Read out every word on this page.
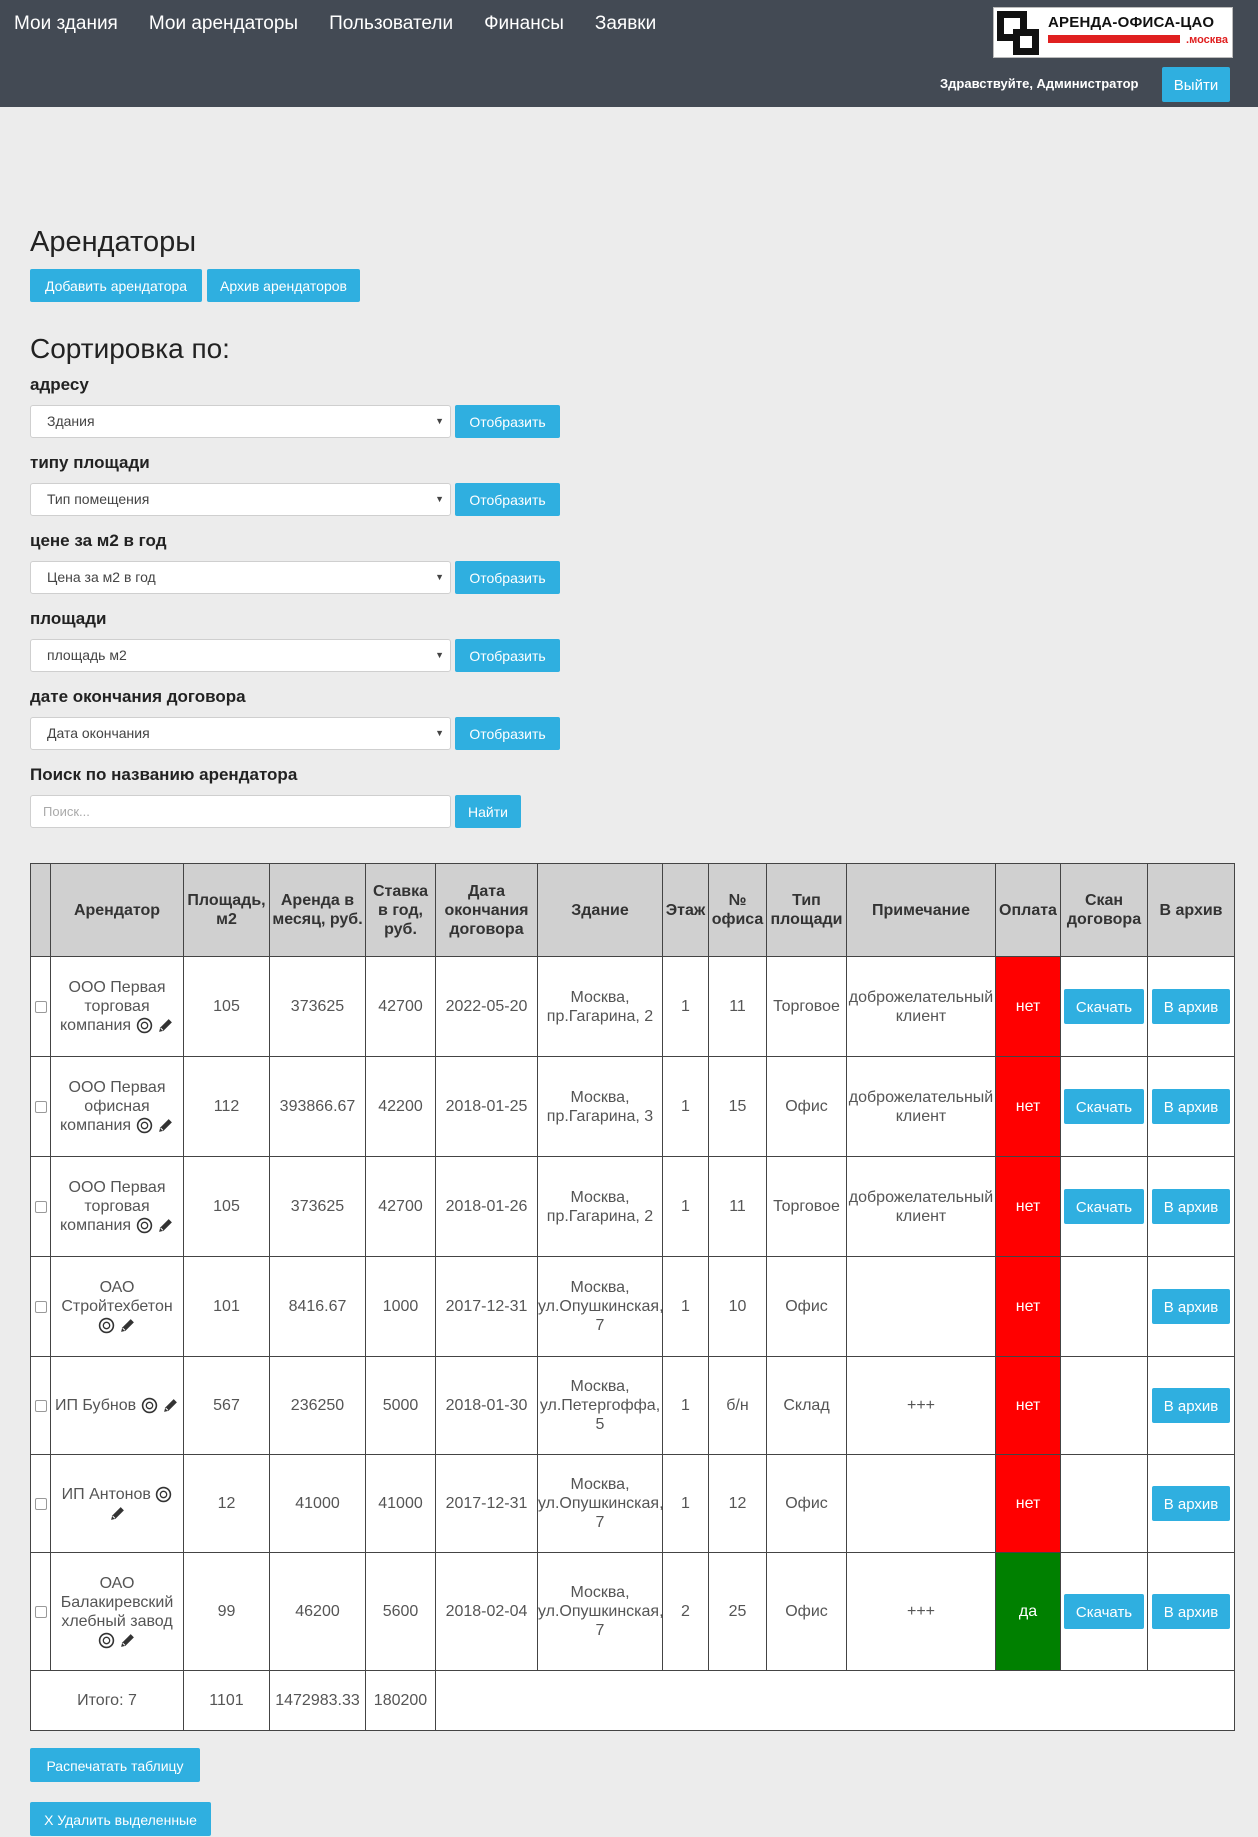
Мои здания Мои арендаторы Пользователи Финансы Заявки	АРЕНДА-ОФИСА-ЦАО
.москва
Здравствуйте, Администратор	Выйти
Арендаторы
Добавить арендатора	Архив арендаторов
Сортировка по:
адресу
Здания	▼	Отобразить
типу площади
Тип помещения	▼	Отобразить
цене за м2 в год
Цена за м2 в год	▼	Отобразить
площади
площадь м2	▼	Отобразить
дате окончания договора
Дата окончания	▼	Отобразить
Поиск по названию арендатора
Поиск...
Найти
	Арендатор	Площадь, м2	Аренда в месяц, руб.	Ставка в год, руб.	Дата окончания договора	Здание	Этаж	№ офиса	Тип площади	Примечание	Оплата	Скан договора	В архив
	ООО Первая торговая компания	105	373625	42700	2022-05-20	Москва, пр.Гагарина, 2	1	11	Торговое	доброжелательный клиент	нет	Скачать	В архив
	ООО Первая офисная компания	112	393866.67	42200	2018-01-25	Москва, пр.Гагарина, 3	1	15	Офис	доброжелательный клиент	нет	Скачать	В архив
	ООО Первая торговая компания	105	373625	42700	2018-01-26	Москва, пр.Гагарина, 2	1	11	Торговое	доброжелательный клиент	нет	Скачать	В архив
	ОАО Стройтехбетон	101	8416.67	1000	2017-12-31	Москва, ул.Опушкинская, 7	1	10	Офис		нет		В архив
	ИП Бубнов	567	236250	5000	2018-01-30	Москва, ул.Петергоффа, 5	1	б/н	Склад	+++	нет		В архив
	ИП Антонов	12	41000	41000	2017-12-31	Москва, ул.Опушкинская, 7	1	12	Офис		нет		В архив
	ОАО Балакиревский хлебный завод	99	46200	5600	2018-02-04	Москва, ул.Опушкинская, 7	2	25	Офис	+++	да	Скачать	В архив
Итого: 7		1101	1472983.33	180200									
Распечатать таблицу
X Удалить выделенные
